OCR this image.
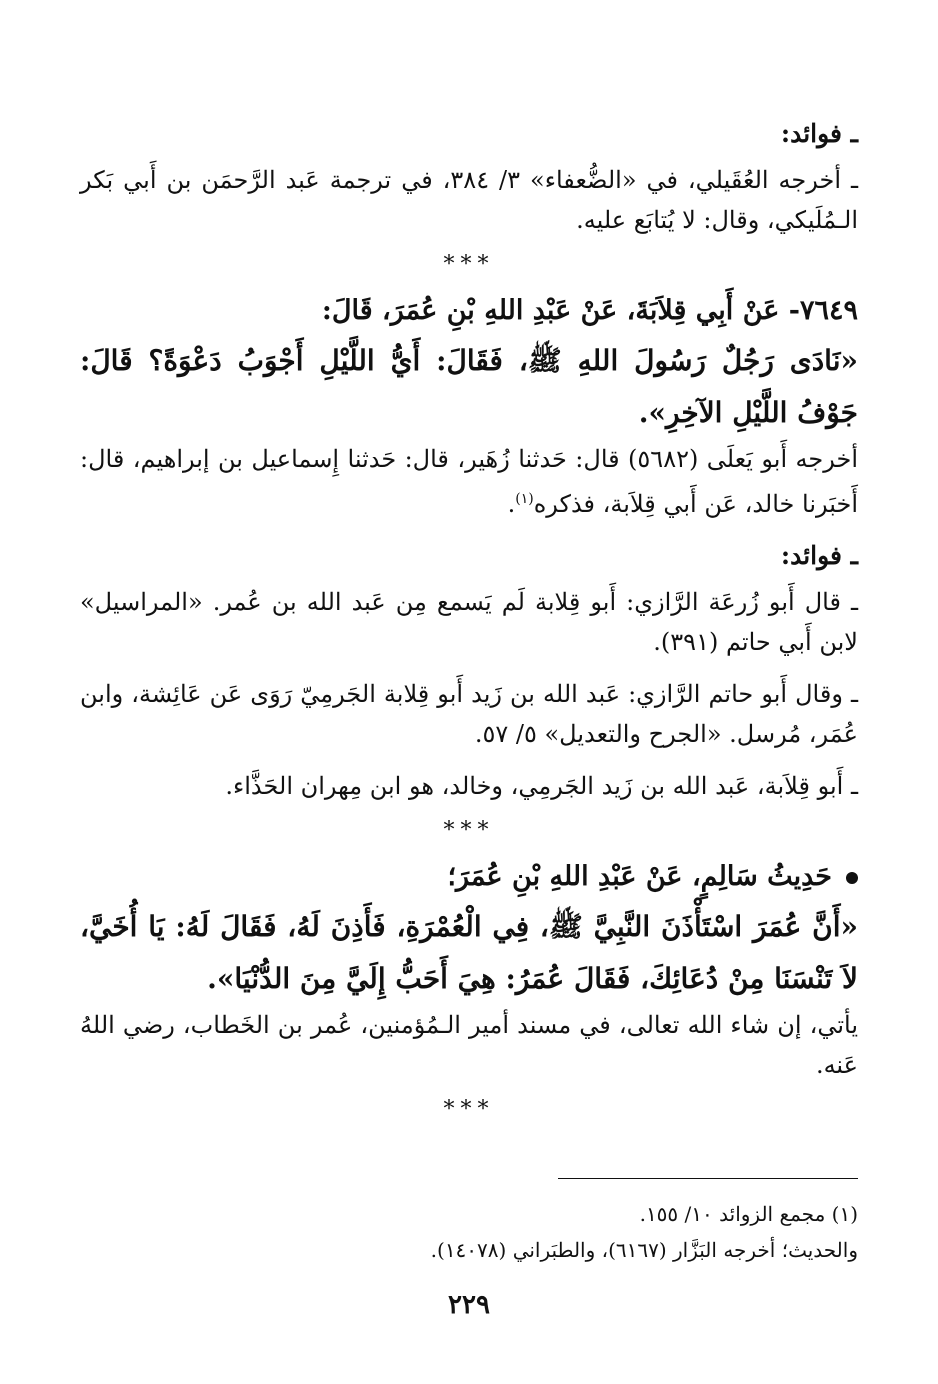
ـ فوائد:

ـ أخرجه العُقَيلي، في «الضُّعفاء» ٣/ ٣٨٤، في ترجمة عَبد الرَّحمَن بن أَبي بَكر الـمُلَيكي، وقال: لا يُتابَع عليه.

***

٧٦٤٩- عَنْ أَبِي قِلاَبَةَ، عَنْ عَبْدِ اللهِ بْنِ عُمَرَ، قَالَ:

«نَادَى رَجُلٌ رَسُولَ اللهِ ﷺ، فَقَالَ: أَيُّ اللَّيْلِ أَجْوَبُ دَعْوَةً؟ قَالَ: جَوْفُ اللَّيْلِ الآخِرِ».

أخرجه أَبو يَعلَى (٥٦٨٢) قال: حَدثنا زُهَير، قال: حَدثنا إِسماعيل بن إبراهيم، قال: أَخبَرنا خالد، عَن أَبي قِلاَبة، فذكره$^{(١)}$.

ـ فوائد:

ـ قال أَبو زُرعَة الرَّازي: أَبو قِلابة لَم يَسمع مِن عَبد الله بن عُمر. «المراسيل» لابن أَبي حاتم (٣٩١).

ـ وقال أَبو حاتم الرَّازي: عَبد الله بن زَيد أَبو قِلابة الجَرمِيّ رَوَى عَن عَائِشة، وابن عُمَر، مُرسل. «الجرح والتعديل» ٥/ ٥٧.

ـ أَبو قِلاَبة، عَبد الله بن زَيد الجَرمِي، وخالد، هو ابن مِهران الحَذَّاء.

***

حَدِيثُ سَالِمٍ، عَنْ عَبْدِ اللهِ بْنِ عُمَرَ؛

«أَنَّ عُمَرَ اسْتَأْذَنَ النَّبِيَّ ﷺ، فِي الْعُمْرَةِ، فَأَذِنَ لَهُ، فَقَالَ لَهُ: يَا أُخَيَّ، لاَ تَنْسَنَا مِنْ دُعَائِكَ، فَقَالَ عُمَرُ: هِيَ أَحَبُّ إِلَيَّ مِنَ الدُّنْيَا».

يأتي، إن شاء الله تعالى، في مسند أمير الـمُؤمنين، عُمر بن الخَطاب، رضي اللهُ عَنه.

***
(١) مجمع الزوائد ١٠/ ١٥٥.
والحديث؛ أخرجه البَزَّار (٦١٦٧)، والطبَراني (١٤٠٧٨).
٢٢٩
